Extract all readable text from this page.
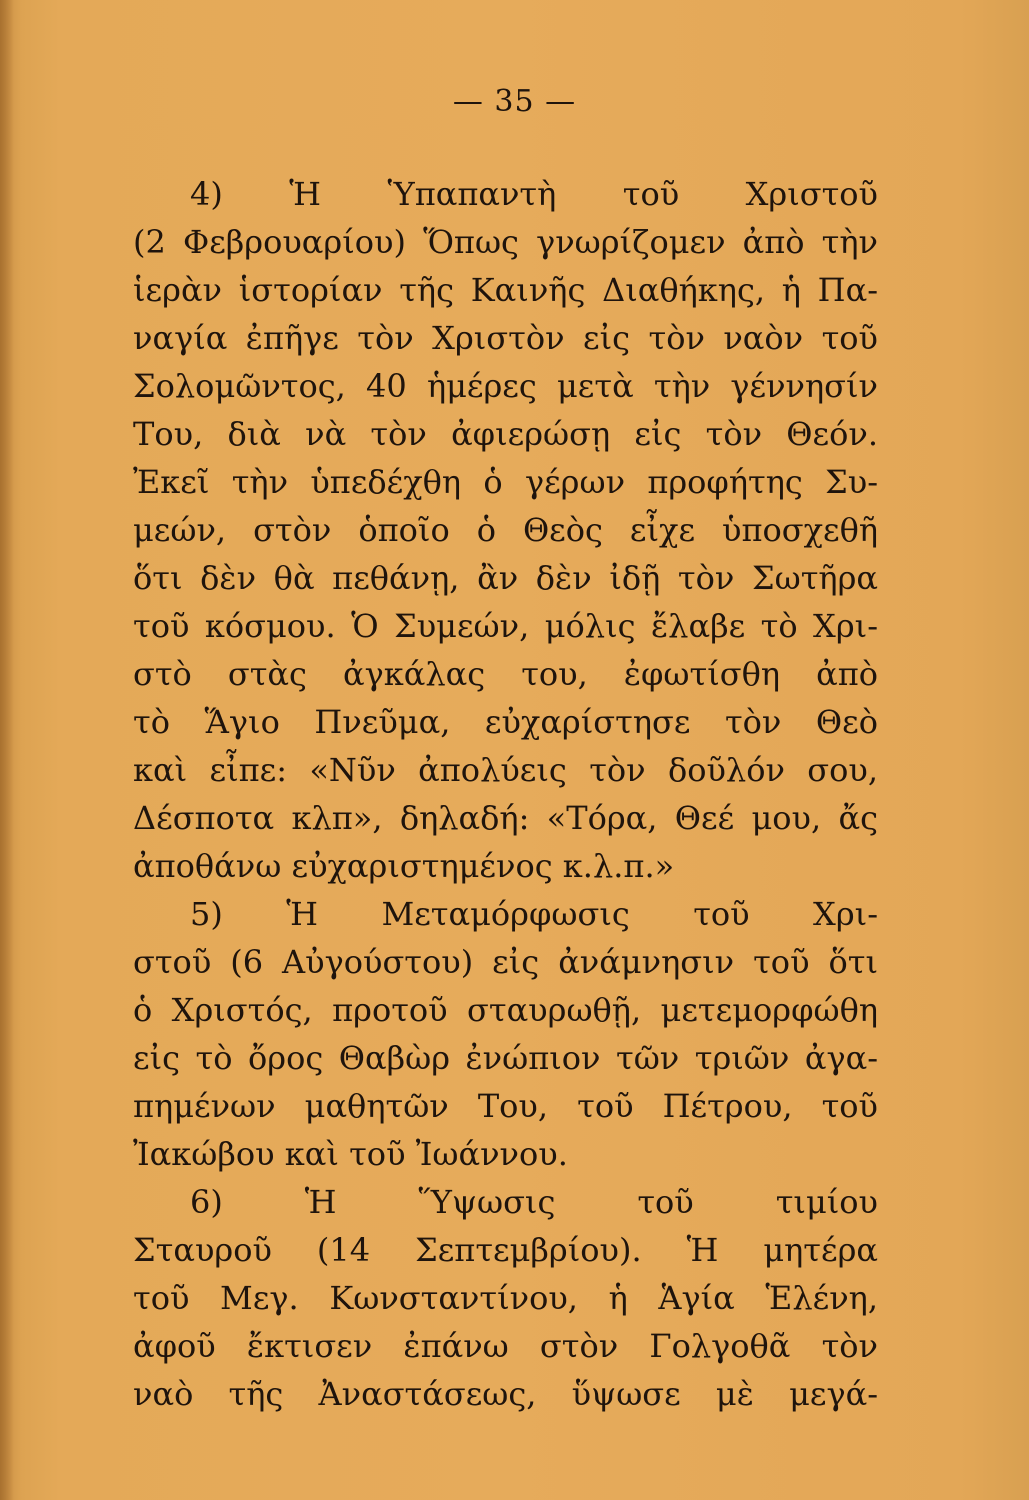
— 35 —
4) Ἡ Ὑπαπαντὴ τοῦ Χριστοῦ
(2 Φεβρουαρίου) Ὅπως γνωρίζομεν ἀπὸ τὴν
ἱερὰν ἱστορίαν τῆς Καινῆς Διαθήκης, ἡ Πα-
ναγία ἐπῆγε τὸν Χριστὸν εἰς τὸν ναὸν τοῦ
Σολομῶντος, 40 ἡμέρες μετὰ τὴν γέννησίν
Του, διὰ νὰ τὸν ἀφιερώσῃ εἰς τὸν Θεόν.
Ἐκεῖ τὴν ὑπεδέχθη ὁ γέρων προφήτης Συ-
μεών, στὸν ὁποῖο ὁ Θεὸς εἶχε ὑποσχεθῆ
ὅτι δὲν θὰ πεθάνῃ, ἂν δὲν ἰδῇ τὸν Σωτῆρα
τοῦ κόσμου. Ὁ Συμεών, μόλις ἔλαβε τὸ Χρι-
στὸ στὰς ἀγκάλας του, ἐφωτίσθη ἀπὸ
τὸ Ἅγιο Πνεῦμα, εὐχαρίστησε τὸν Θεὸ
καὶ εἶπε: «Νῦν ἀπολύεις τὸν δοῦλόν σου,
Δέσποτα κλπ», δηλαδή: «Τόρα, Θεέ μου, ἄς
ἀποθάνω εὐχαριστημένος κ.λ.π.»
5) Ἡ Μεταμόρφωσις τοῦ Χρι-
στοῦ (6 Αὐγούστου) εἰς ἀνάμνησιν τοῦ ὅτι
ὁ Χριστός, προτοῦ σταυρωθῇ, μετεμορφώθη
εἰς τὸ ὄρος Θαβὼρ ἐνώπιον τῶν τριῶν ἀγα-
πημένων μαθητῶν Του, τοῦ Πέτρου, τοῦ
Ἰακώβου καὶ τοῦ Ἰωάννου.
6) Ἡ Ὕψωσις τοῦ τιμίου
Σταυροῦ (14 Σεπτεμβρίου). Ἡ μητέρα
τοῦ Μεγ. Κωνσταντίνου, ἡ Ἁγία Ἑλένη,
ἀφοῦ ἔκτισεν ἐπάνω στὸν Γολγοθᾶ τὸν
ναὸ τῆς Ἀναστάσεως, ὕψωσε μὲ μεγά-
